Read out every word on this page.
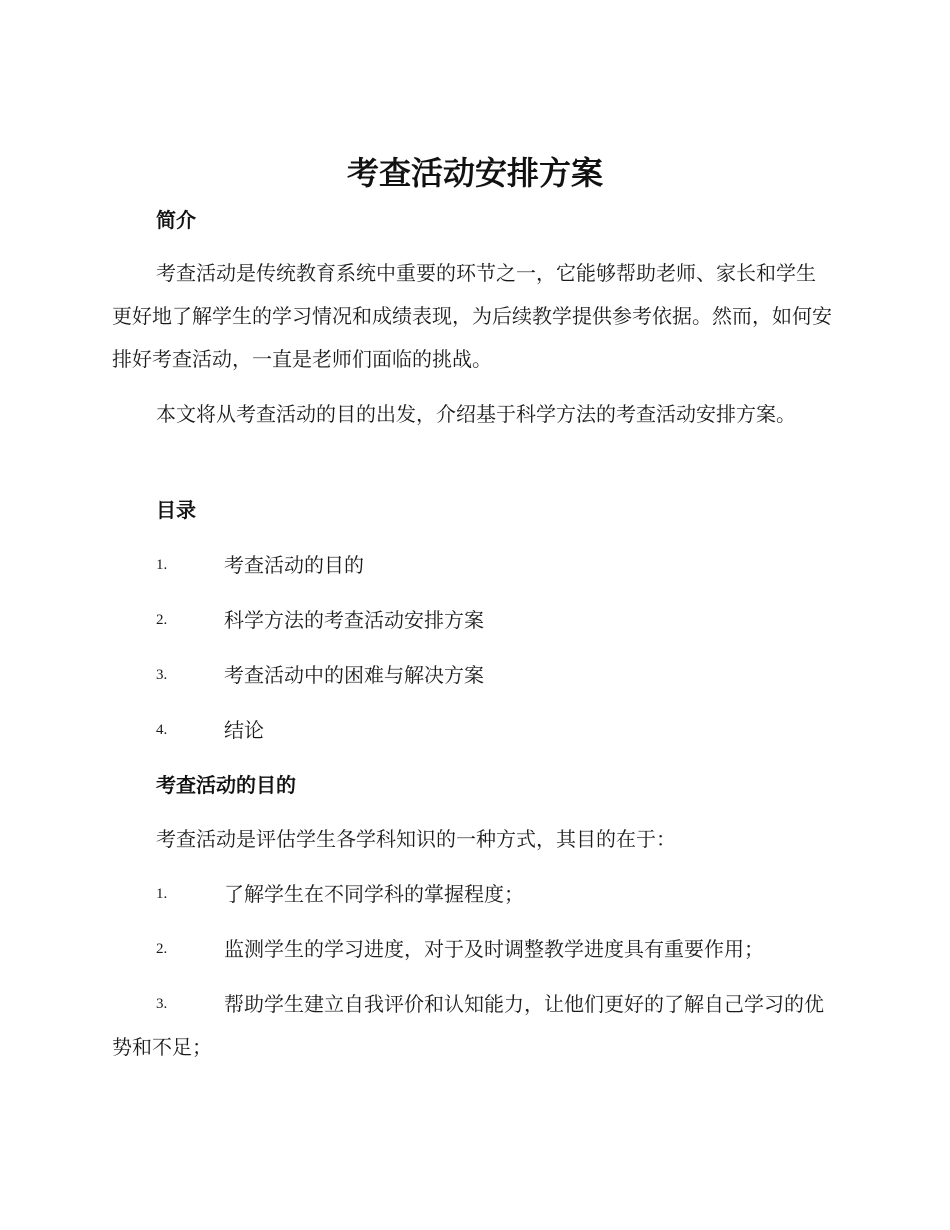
考查活动安排方案
简介

考查活动是传统教育系统中重要的环节之一，它能够帮助老师、家长和学生更好地了解学生的学习情况和成绩表现，为后续教学提供参考依据。然而，如何安排好考查活动，一直是老师们面临的挑战。

本文将从考查活动的目的出发，介绍基于科学方法的考查活动安排方案。

目录
1.	考查活动的目的
2.	科学方法的考查活动安排方案
3.	考查活动中的困难与解决方案
4.	结论
考查活动的目的

考查活动是评估学生各学科知识的一种方式，其目的在于：

1.	了解学生在不同学科的掌握程度；
2.	监测学生的学习进度，对于及时调整教学进度具有重要作用；
3.	帮助学生建立自我评价和认知能力，让他们更好的了解自己学习的优势和不足；
